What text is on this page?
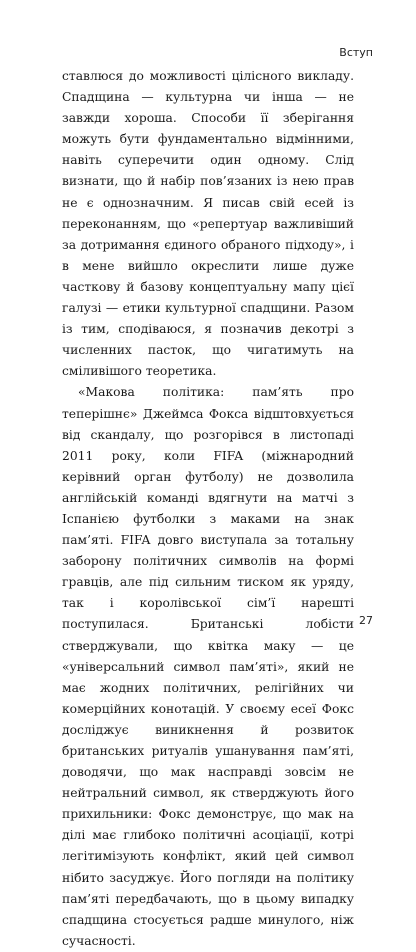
Вступ

ставлюся до можливості цілісного викладу. Спадщина — культурна чи інша — не завжди хороша. Способи її зберігання можуть бути фундаментально відмінними, навіть суперечити один одному. Слід визнати, що й набір пов’язаних із нею прав не є однозначним. Я писав свій есей із переконанням, що «репертуар важливіший за дотримання єдиного обраного підходу», і в мене вийшло окреслити лише дуже часткову й базову концептуальну мапу цієї галузі — етики культурної спадщини. Разом із тим, сподіваюся, я позначив декотрі з численних пасток, що чигатимуть на сміливішого теоретика.

«Макова політика: пам’ять про теперішнє» Джеймса Фокса відштовхується від скандалу, що розгорівся в листопаді 2011 року, коли FIFA (міжнародний керівний орган футболу) не дозволила англійській команді вдягнути на матчі з Іспанією футболки з маками на знак пам’яті. FIFA довго виступала за тотальну заборону політичних символів на формі гравців, але під сильним тиском як уряду, так і королівської сім’ї нарешті поступилася. Британські лобісти стверджували, що квітка маку — це «універсальний символ пам’яті», який не має жодних політичних, релігійних чи комерційних конотацій. У своєму есеї Фокс досліджує виникнення й розвиток британських ритуалів ушанування пам’яті, доводячи, що мак насправді зовсім не нейтральний символ, як стверджують його прихильники: Фокс демонструє, що мак на ділі має глибоко політичні асоціації, котрі легітимізують конфлікт, який цей символ нібито засуджує. Його погляди на політику пам’яті передбачають, що в цьому випадку спадщина стосується радше минулого, ніж сучасності.

27
